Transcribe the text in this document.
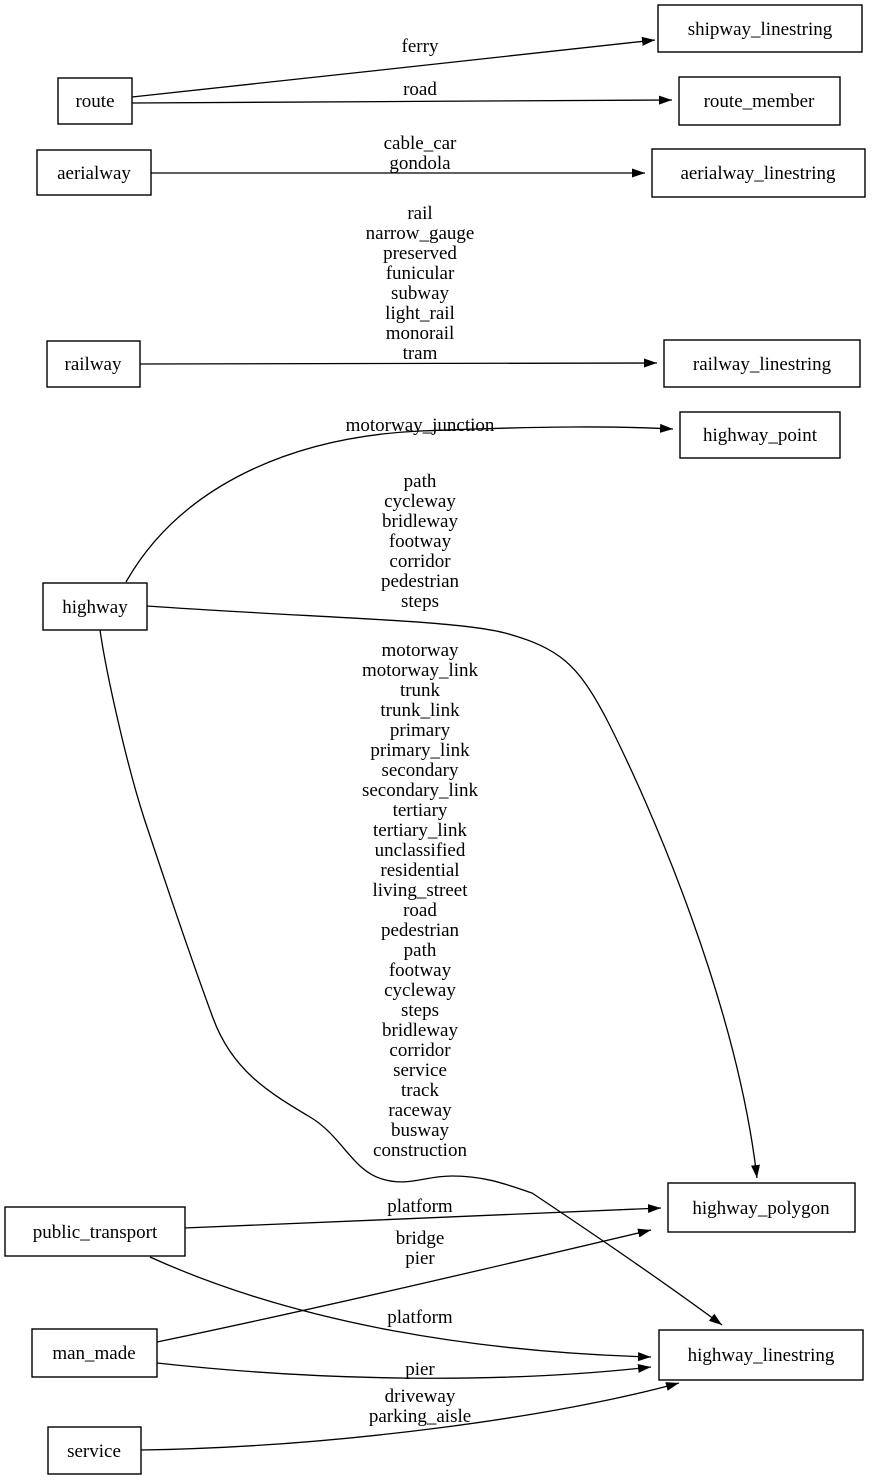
ferry
road
cable_car
gondola
rail
narrow_gauge
preserved
funicular
subway
light_rail
monorail
tram
motorway_junction
path
cycleway
bridleway
footway
corridor
pedestrian
steps
motorway
motorway_link
trunk
trunk_link
primary
primary_link
secondary
secondary_link
tertiary
tertiary_link
unclassified
residential
living_street
road
pedestrian
path
footway
cycleway
steps
bridleway
corridor
service
track
raceway
busway
construction
platform
bridge
pier
platform
pier
driveway
parking_aisle
shipway_linestring
route	route_member
aerialway	aerialway_linestring
railway	railway_linestring
highway_point
highway
highway_polygon
public_transport
man_made	highway_linestring
service
